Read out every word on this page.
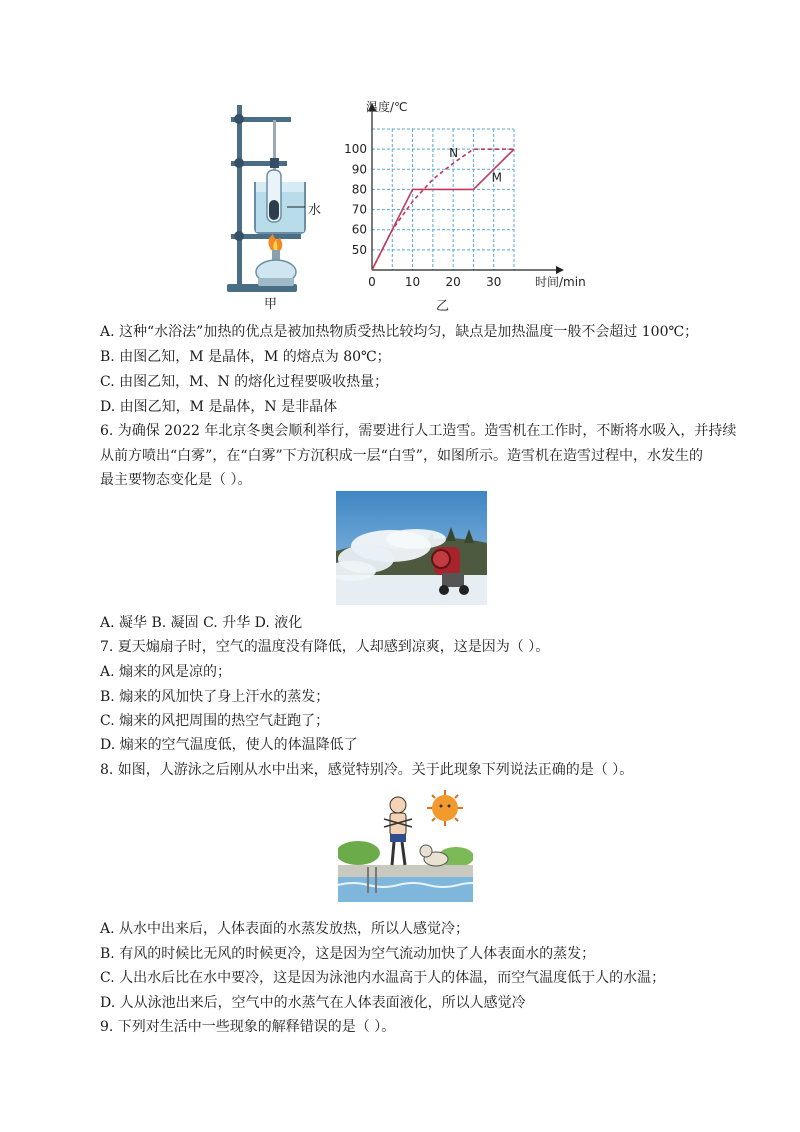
水
甲
温度/℃
时间/min
0 10 20 30
50
60
70
80
90
100	N
M
乙
A. 这种“水浴法”加热的优点是被加热物质受热比较均匀，缺点是加热温度一般不会超过 100℃；
B. 由图乙知，M 是晶体，M 的熔点为 80℃；
C. 由图乙知，M、N 的熔化过程要吸收热量；
D. 由图乙知，M 是晶体，N 是非晶体
6. 为确保 2022 年北京冬奥会顺利举行，需要进行人工造雪。造雪机在工作时，不断将水吸入，并持续
从前方喷出“白雾”，在“白雾”下方沉积成一层“白雪”，如图所示。造雪机在造雪过程中，水发生的
最主要物态变化是（ ）。
A. 凝华 B. 凝固 C. 升华 D. 液化
7. 夏天煽扇子时，空气的温度没有降低，人却感到凉爽，这是因为（ ）。
A. 煽来的风是凉的；
B. 煽来的风加快了身上汗水的蒸发；
C. 煽来的风把周围的热空气赶跑了；
D. 煽来的空气温度低，使人的体温降低了
8. 如图，人游泳之后刚从水中出来，感觉特别冷。关于此现象下列说法正确的是（ ）。
A. 从水中出来后，人体表面的水蒸发放热，所以人感觉冷；
B. 有风的时候比无风的时候更冷，这是因为空气流动加快了人体表面水的蒸发；
C. 人出水后比在水中要冷，这是因为泳池内水温高于人的体温，而空气温度低于人的水温；
D. 人从泳池出来后，空气中的水蒸气在人体表面液化，所以人感觉冷
9. 下列对生活中一些现象的解释错误的是（ ）。
